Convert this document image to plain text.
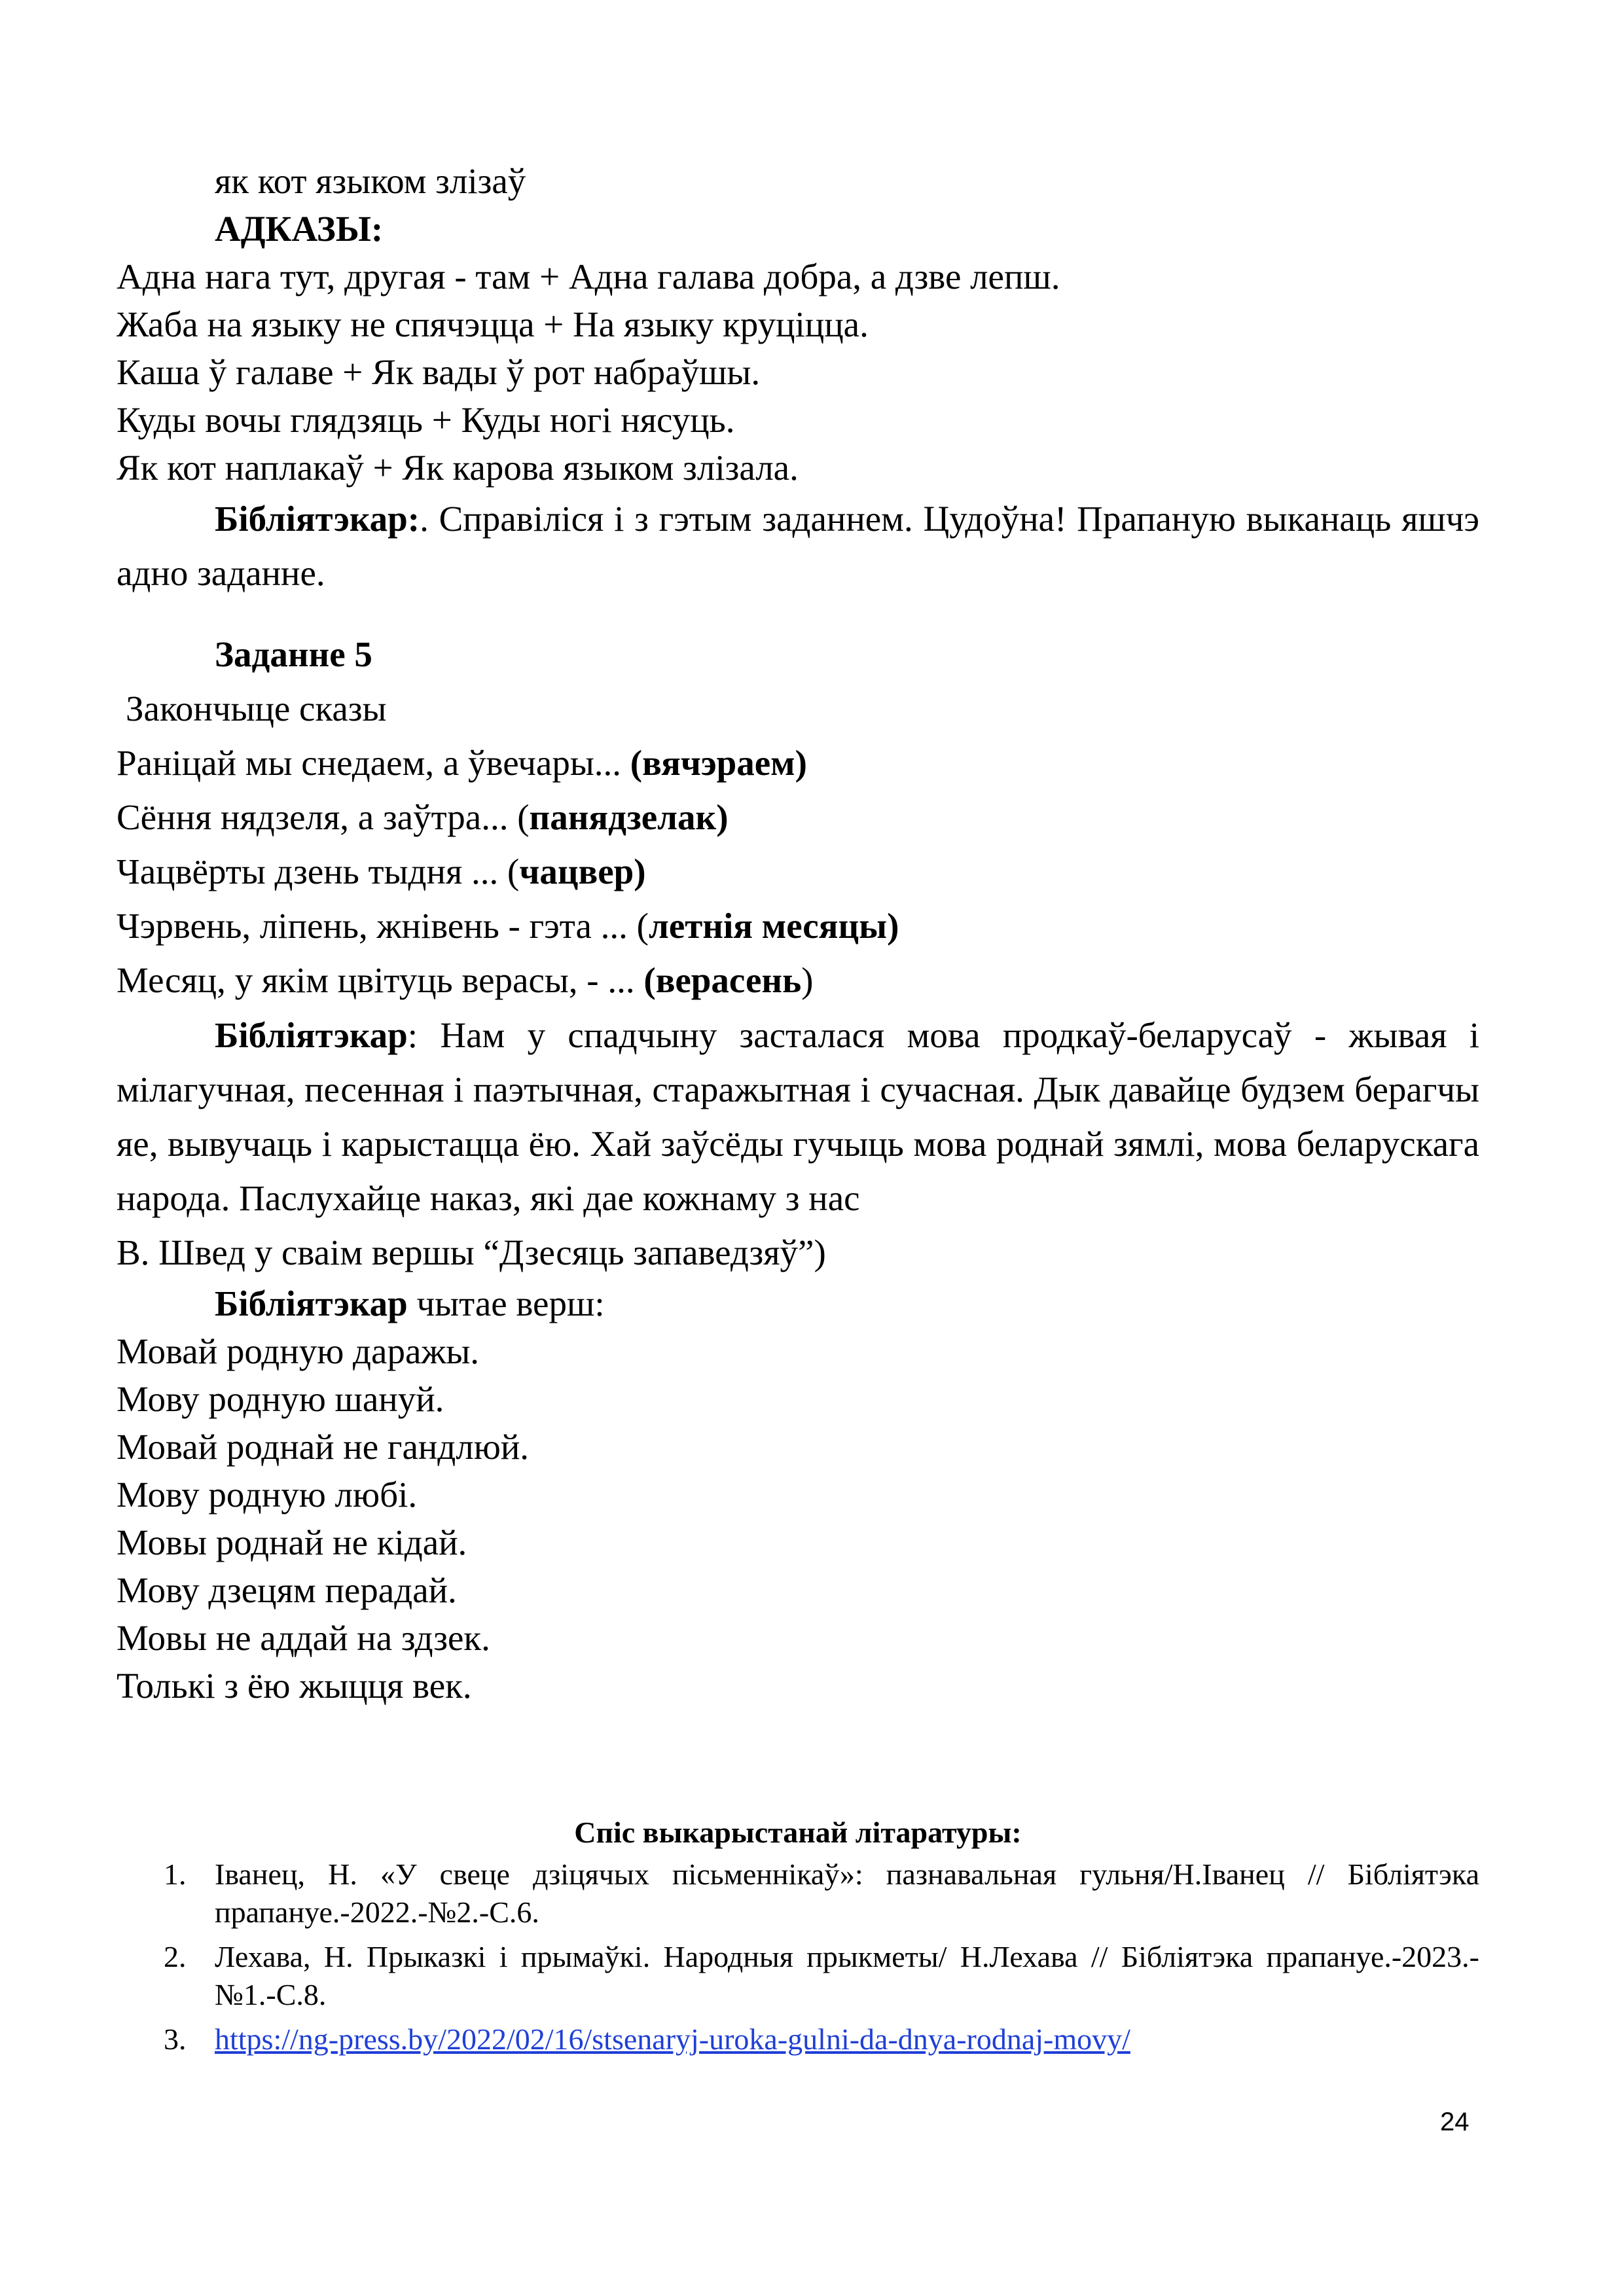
як кот языком злізаў
АДКАЗЫ:
Адна нага тут, другая - там + Адна галава добра, а дзве лепш.
Жаба на языку не спячэцца + На языку круціцца.
Каша ў галаве + Як вады ў рот набраўшы.
Куды вочы глядзяць + Куды ногі нясуць.
Як кот наплакаў + Як карова языком злізала.
Бібліятэкар:. Справіліся і з гэтым заданнем. Цудоўна! Прапаную выканаць яшчэ адно заданне.
Заданне 5
Закончыце сказы
Раніцай мы снедаем, а ўвечары... (вячэраем)
Сёння нядзеля, а заўтра... (панядзелак)
Чацвёрты дзень тыдня ... (чацвер)
Чэрвень, ліпень, жнівень - гэта ... (летнія месяцы)
Месяц, у якім цвітуць верасы, - ... (верасень)
Бібліятэкар: Нам у спадчыну засталася мова продкаў-беларусаў - жывая і мілагучная, песенная і паэтычная, старажытная і сучасная. Дык давайце будзем берагчы яе, вывучаць і карыстацца ёю. Хай заўсёды гучыць мова роднай зямлі, мова беларускага народа. Паслухайце наказ, які дае кожнаму з нас
В. Швед у сваім вершы “Дзесяць запаведзяў”)
Бібліятэкар чытае верш:
Мовай родную даражы.
Мову родную шануй.
Мовай роднай не гандлюй.
Мову родную любі.
Мовы роднай не кідай.
Мову дзецям перадай.
Мовы не аддай на здзек.
Толькі з ёю жыцця век.
Спіс выкарыстанай літаратуры:
1. Іванец, Н. «У свеце дзіцячых пісьменнікаў»: пазнавальная гульня/Н.Іванец // Бібліятэка прапануе.-2022.-№2.-С.6.
2. Лехава, Н. Прыказкі і прымаўкі. Народныя прыкметы/ Н.Лехава // Бібліятэка прапануе.-2023.-№1.-С.8.
3. https://ng-press.by/2022/02/16/stsenaryj-uroka-gulni-da-dnya-rodnaj-movy/
24
